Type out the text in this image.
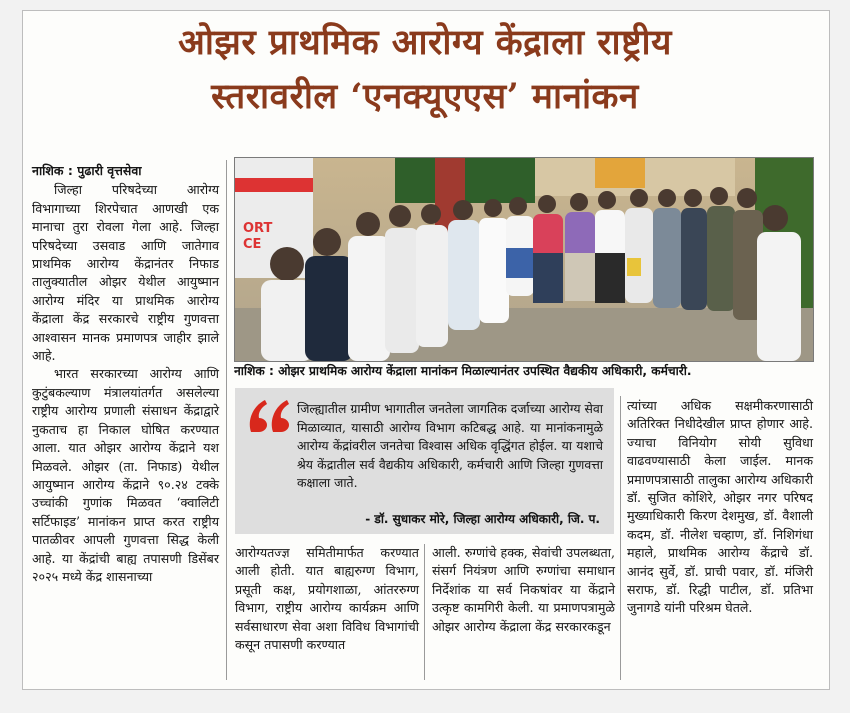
ओझर प्राथमिक आरोग्य केंद्राला राष्ट्रीय
स्तरावरील ‘एनक्यूएएस’ मानांकन
नाशिक : पुढारी वृत्तसेवा

जिल्हा परिषदेच्या आरोग्य विभागाच्या शिरपेचात आणखी एक मानाचा तुरा रोवला गेला आहे. जिल्हा परिषदेच्या उसवाड आणि जातेगाव प्राथमिक आरोग्य केंद्रानंतर निफाड तालुक्यातील ओझर येथील आयुष्मान आरोग्य मंदिर या प्राथमिक आरोग्य केंद्राला केंद्र सरकारचे राष्ट्रीय गुणवत्ता आश्वासन मानक प्रमाणपत्र जाहीर झाले आहे.

भारत सरकारच्या आरोग्य आणि कुटुंबकल्याण मंत्रालयांतर्गत असलेल्या राष्ट्रीय आरोग्य प्रणाली संसाधन केंद्राद्वारे नुकताच हा निकाल घोषित करण्यात आला. यात ओझर आरोग्य केंद्राने यश मिळवले. ओझर (ता. निफाड) येथील आयुष्मान आरोग्य केंद्राने ९०.२४ टक्के उच्चांकी गुणांक मिळवत ‘क्वालिटी सर्टिफाइड’ मानांकन प्राप्त करत राष्ट्रीय पातळीवर आपली गुणवत्ता सिद्ध केली आहे. या केंद्रांची बाह्य तपासणी डिसेंबर २०२५ मध्ये केंद्र शासनाच्या

ORT CE
नाशिक : ओझर प्राथमिक आरोग्य केंद्राला मानांकन मिळाल्यानंतर उपस्थित वैद्यकीय अधिकारी, कर्मचारी.
जिल्ह्यातील ग्रामीण भागातील जनतेला जागतिक दर्जाच्या आरोग्य सेवा मिळाव्यात, यासाठी आरोग्य विभाग कटिबद्ध आहे. या मानांकनामुळे आरोग्य केंद्रांवरील जनतेचा विश्वास अधिक वृद्धिंगत होईल. या यशाचे श्रेय केंद्रातील सर्व वैद्यकीय अधिकारी, कर्मचारी आणि जिल्हा गुणवत्ता कक्षाला जाते.
- डॉ. सुधाकर मोरे, जिल्हा आरोग्य अधिकारी, जि. प.

त्यांच्या अधिक सक्षमीकरणासाठी अतिरिक्त निधीदेखील प्राप्त होणार आहे. ज्याचा विनियोग सोयी सुविधा वाढवण्यासाठी केला जाईल. मानक प्रमाणपत्रासाठी तालुका आरोग्य अधिकारी डॉ. सुजित कोशिरे, ओझर नगर परिषद मुख्याधिकारी किरण देशमुख, डॉ. वैशाली कदम, डॉ. नीलेश चव्हाण, डॉ. निशिगंधा महाले, प्राथमिक आरोग्य केंद्राचे डॉ. आनंद सुर्वे, डॉ. प्राची पवार, डॉ. मंजिरी सराफ, डॉ. रिद्धी पाटील, डॉ. प्रतिभा जुनागडे यांनी परिश्रम घेतले.

आरोग्यतज्ज्ञ समितीमार्फत करण्यात आली होती. यात बाह्यरुग्ण विभाग, प्रसूती कक्ष, प्रयोगशाळा, आंतररुग्ण विभाग, राष्ट्रीय आरोग्य कार्यक्रम आणि सर्वसाधारण सेवा अशा विविध विभागांची कसून तपासणी करण्यात

आली. रुग्णांचे हक्क, सेवांची उपलब्धता, संसर्ग नियंत्रण आणि रुग्णांचा समाधान निर्देशांक या सर्व निकषांवर या केंद्राने उत्कृष्ट कामगिरी केली. या प्रमाणपत्रामुळे ओझर आरोग्य केंद्राला केंद्र सरकारकडून
